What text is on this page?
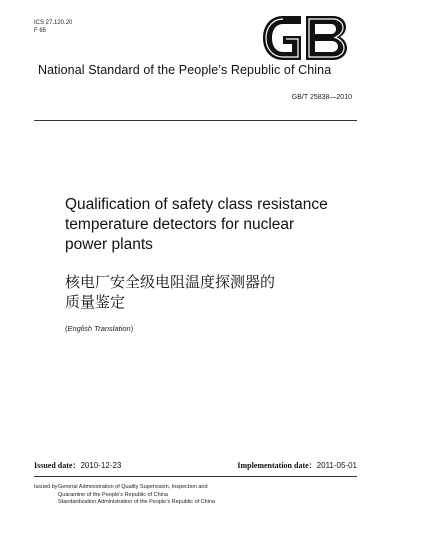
ICS 27.120.20
F 65
GB
National Standard of the People’s Republic of China
GB/T 25838—2010
Qualification of safety class resistance
temperature detectors for nuclear
power plants
核电厂安全级电阻温度探测器的
质量鉴定
(English Translation)
Issued date：2010-12-23	Implementation date：2011-05-01
Issued by General Administration of Quality Supervision, Inspection and
Quarantine of the People’s Republic of China
Standardization Administration of the People’s Republic of China
